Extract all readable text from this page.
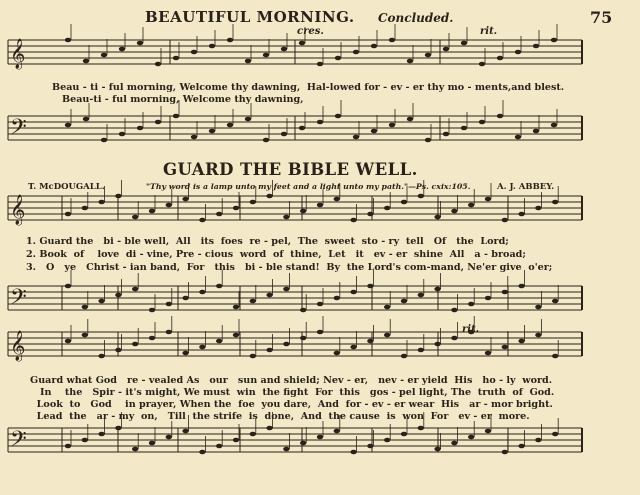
BEAUTIFUL MORNING. Concluded.	75
cres.	rit.
𝄞
𝄢
𝄞
𝄢
𝄞
𝄢
Beau - ti - ful morning, Welcome thy dawning,  Hal-lowed for - ev - er thy mo - ments,and blest.
Beau-ti - ful morning, Welcome thy dawning,
GUARD THE BIBLE WELL.
T. McDOUGALL.	"Thy word is a lamp unto my feet and a light unto my path."—Ps. cxix:105.	A. J. ABBEY.
1. Guard the   bi - ble well,  All   its  foes  re - pel,  The  sweet  sto - ry  tell   Of   the  Lord;
2. Book  of    love  di - vine, Pre - cious  word  of  thine,  Let   it   ev - er  shine  All   a - broad;
3.   O   ye   Christ - ian band,  For   this   bi - ble stand!  By  the Lord's com-mand, Ne'er give  o'er;
rit.
Guard what God   re - vealed As   our   sun and shield; Nev - er,   nev - er yield  His   ho - ly  word.
In    the   Spir - it's might, We must  win  the fight  For  this   gos - pel light, The  truth  of  God.
Look  to   God    in prayer, When the  foe  you dare,  And  for - ev - er wear  His   ar - mor bright.
Lead  the   ar - my  on,   Till  the strife  is  done,  And  the cause  is  won  For   ev - er  more.
